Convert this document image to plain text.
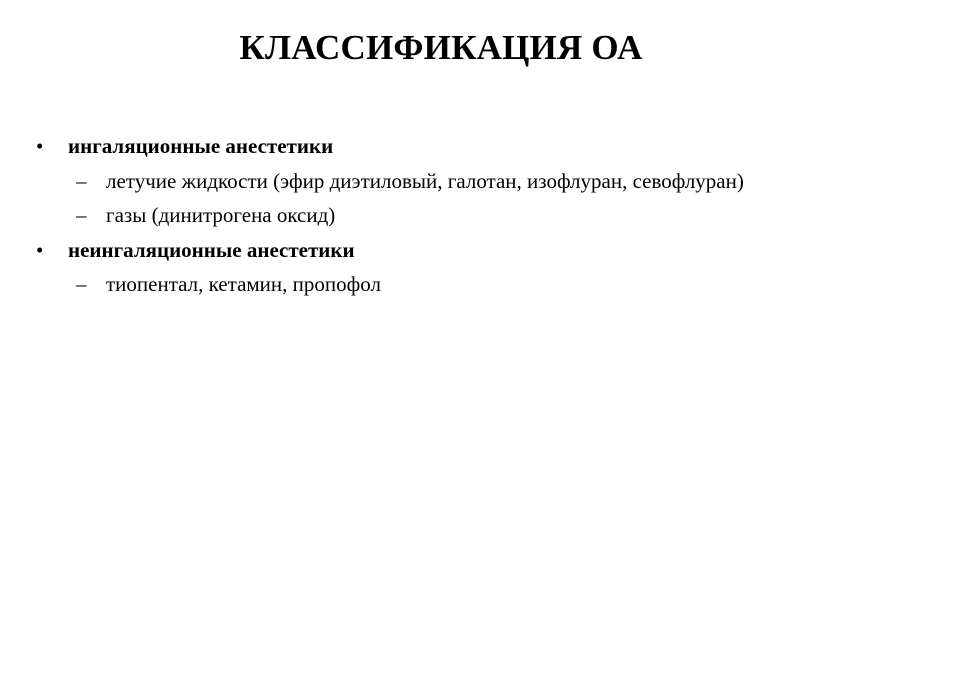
КЛАССИФИКАЦИЯ ОА
• ингаляционные анестетики
– летучие жидкости (эфир диэтиловый, галотан, изофлуран, севофлуран)
– газы (динитрогена оксид)
• неингаляционные анестетики
– тиопентал, кетамин, пропофол
